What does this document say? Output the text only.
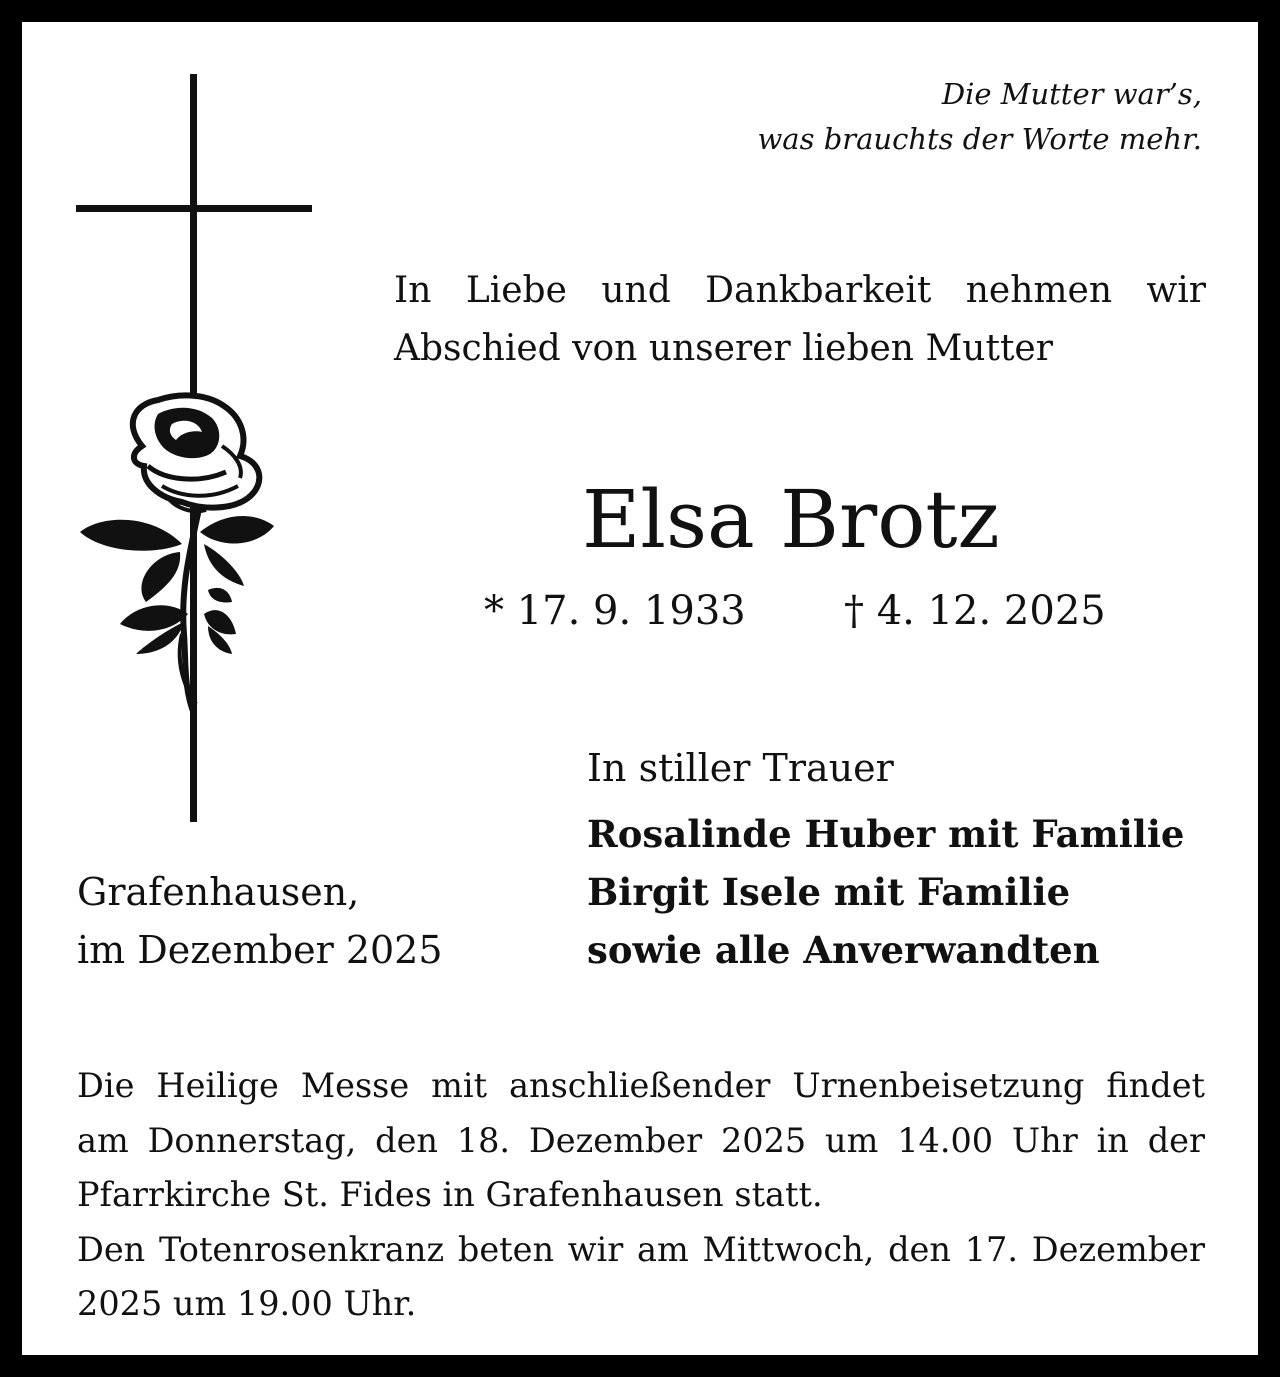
Die Mutter war’s,
was brauchts der Worte mehr.
In Liebe und Dankbarkeit nehmen wir
Abschied von unserer lieben Mutter
Elsa Brotz
* 17. 9. 1933 † 4. 12. 2025
In stiller Trauer
Rosalinde Huber mit Familie
Birgit Isele mit Familie
sowie alle Anverwandten
Grafenhausen,
im Dezember 2025
Die Heilige Messe mit anschließender Urnenbeisetzung findet
am Donnerstag, den 18. Dezember 2025 um 14.00 Uhr in der
Pfarrkirche St. Fides in Grafenhausen statt.
Den Totenrosenkranz beten wir am Mittwoch, den 17. Dezember
2025 um 19.00 Uhr.
